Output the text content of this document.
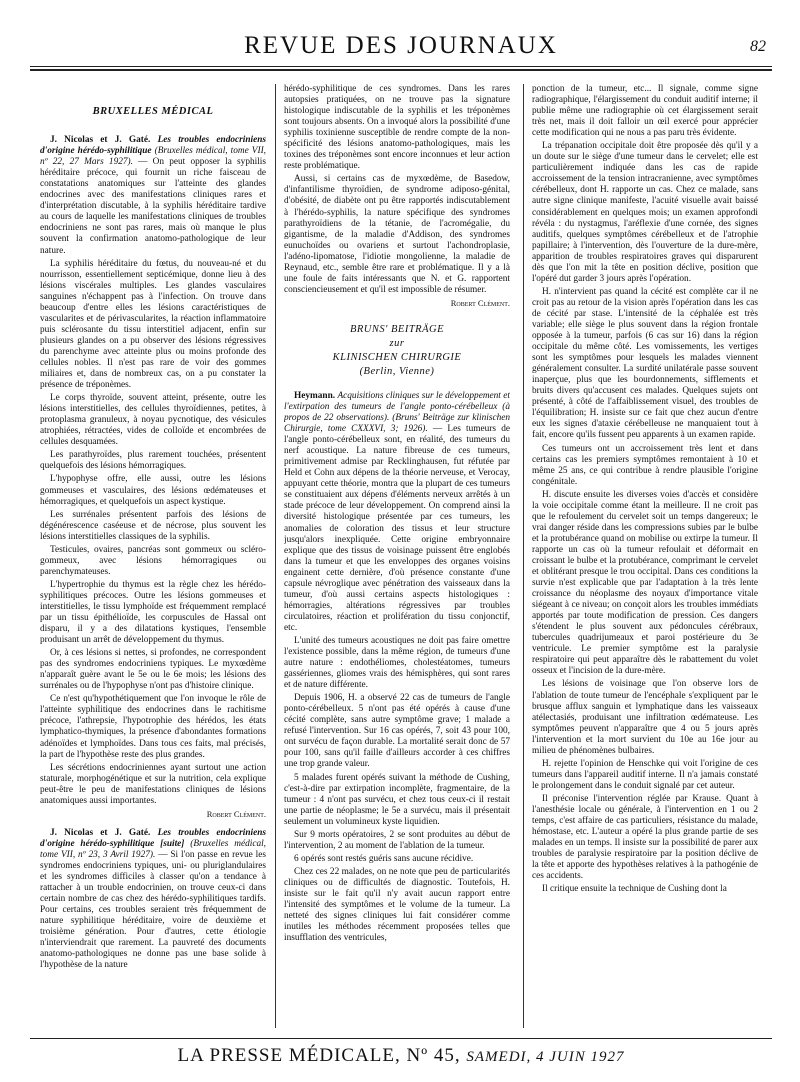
REVUE DES JOURNAUX	82
BRUXELLES MÉDICAL

J. Nicolas et J. Gaté. Les troubles endocriniens d'origine hérédo-syphilitique (Bruxelles médical, tome VII, nº 22, 27 Mars 1927). — On peut opposer la syphilis héréditaire précoce, qui fournit un riche faisceau de constatations anatomiques sur l'atteinte des glandes endocrines avec des manifestations cliniques rares et d'interprétation discutable, à la syphilis héréditaire tardive au cours de laquelle les manifestations cliniques de troubles endocriniens ne sont pas rares, mais où manque le plus souvent la confirmation anatomo-pathologique de leur nature.

La syphilis héréditaire du fœtus, du nouveau-né et du nourrisson, essentiellement septicémique, donne lieu à des lésions viscérales multiples. Les glandes vasculaires sanguines n'échappent pas à l'infection. On trouve dans beaucoup d'entre elles les lésions caractéristiques de vascularites et de périvascularites, la réaction inflammatoire puis sclérosante du tissu interstitiel adjacent, enfin sur plusieurs glandes on a pu observer des lésions régressives du parenchyme avec atteinte plus ou moins profonde des cellules nobles. Il n'est pas rare de voir des gommes miliaires et, dans de nombreux cas, on a pu constater la présence de tréponèmes.

Le corps thyroïde, souvent atteint, présente, outre les lésions interstitielles, des cellules thyroïdiennes, petites, à protoplasma granuleux, à noyau pycnotique, des vésicules atrophiées, rétractées, vides de colloïde et encombrées de cellules desquamées.

Les parathyroïdes, plus rarement touchées, présentent quelquefois des lésions hémorragiques.

L'hypophyse offre, elle aussi, outre les lésions gommeuses et vasculaires, des lésions œdémateuses et hémorragiques, et quelquefois un aspect kystique.

Les surrénales présentent parfois des lésions de dégénérescence caséeuse et de nécrose, plus souvent les lésions interstitielles classiques de la syphilis.

Testicules, ovaires, pancréas sont gommeux ou scléro-gommeux, avec lésions hémorragiques ou parenchymateuses.

L'hypertrophie du thymus est la règle chez les hérédo-syphilitiques précoces. Outre les lésions gommeuses et interstitielles, le tissu lymphoïde est fréquemment remplacé par un tissu épithélioïde, les corpuscules de Hassal ont disparu, il y a des dilatations kystiques, l'ensemble produisant un arrêt de développement du thymus.

Or, à ces lésions si nettes, si profondes, ne correspondent pas des syndromes endocriniens typiques. Le myxœdème n'apparaît guère avant le 5e ou le 6e mois; les lésions des surrénales ou de l'hypophyse n'ont pas d'histoire clinique.

Ce n'est qu'hypothétiquement que l'on invoque le rôle de l'atteinte syphilitique des endocrines dans le rachitisme précoce, l'athrepsie, l'hypotrophie des hérédos, les états lymphatico-thymiques, la présence d'abondantes formations adénoïdes et lymphoïdes. Dans tous ces faits, mal précisés, la part de l'hypothèse reste des plus grandes.

Les sécrétions endocriniennes ayant surtout une action staturale, morphogénétique et sur la nutrition, cela explique peut-être le peu de manifestations cliniques de lésions anatomiques aussi importantes.

Robert Clément.

J. Nicolas et J. Gaté. Les troubles endocriniens d'origine hérédo-syphilitique [suite] (Bruxelles médical, tome VII, nº 23, 3 Avril 1927). — Si l'on passe en revue les syndromes endocriniens typiques, uni- ou pluriglandulaires et les syndromes difficiles à classer qu'on a tendance à rattacher à un trouble endocrinien, on trouve ceux-ci dans certain nombre de cas chez des hérédo-syphilitiques tardifs. Pour certains, ces troubles seraient très fréquemment de nature syphilitique héréditaire, voire de deuxième et troisième génération. Pour d'autres, cette étiologie n'interviendrait que rarement. La pauvreté des documents anatomo-pathologiques ne donne pas une base solide à l'hypothèse de la nature

hérédo-syphilitique de ces syndromes. Dans les rares autopsies pratiquées, on ne trouve pas la signature histologique indiscutable de la syphilis et les tréponèmes sont toujours absents. On a invoqué alors la possibilité d'une syphilis toxinienne susceptible de rendre compte de la non-spécificité des lésions anatomo-pathologiques, mais les toxines des tréponèmes sont encore inconnues et leur action reste problématique.

Aussi, si certains cas de myxœdème, de Basedow, d'infantilisme thyroïdien, de syndrome adiposo-génital, d'obésité, de diabète ont pu être rapportés indiscutablement à l'hérédo-syphilis, la nature spécifique des syndromes parathyroïdiens de la tétanie, de l'acromégalie, du gigantisme, de la maladie d'Addison, des syndromes eunuchoïdes ou ovariens et surtout l'achondroplasie, l'adéno-lipomatose, l'idiotie mongolienne, la maladie de Reynaud, etc., semble être rare et problématique. Il y a là une foule de faits intéressants que N. et G. rapportent consciencieusement et qu'il est impossible de résumer.

Robert Clément.
BRUNS' BEITRÄGE
zur
KLINISCHEN CHIRURGIE
(Berlin, Vienne)

Heymann. Acquisitions cliniques sur le développement et l'extirpation des tumeurs de l'angle ponto-cérébelleux (à propos de 22 observations). (Bruns' Beiträge zur klinischen Chirurgie, tome CXXXVI, 3; 1926). — Les tumeurs de l'angle ponto-cérébelleux sont, en réalité, des tumeurs du nerf acoustique. La nature fibreuse de ces tumeurs, primitivement admise par Recklinghausen, fut réfutée par Held et Cohn aux dépens de la théorie nerveuse, et Verocay, appuyant cette théorie, montra que la plupart de ces tumeurs se constituaient aux dépens d'éléments nerveux arrêtés à un stade précoce de leur développement. On comprend ainsi la diversité histologique présentée par ces tumeurs, les anomalies de coloration des tissus et leur structure jusqu'alors inexpliquée. Cette origine embryonnaire explique que des tissus de voisinage puissent être englobés dans la tumeur et que les enveloppes des organes voisins engainent cette dernière, d'où présence constante d'une capsule névroglique avec pénétration des vaisseaux dans la tumeur, d'où aussi certains aspects histologiques : hémorragies, altérations régressives par troubles circulatoires, réaction et prolifération du tissu conjonctif, etc.

L'unité des tumeurs acoustiques ne doit pas faire omettre l'existence possible, dans la même région, de tumeurs d'une autre nature : endothéliomes, cholestéatomes, tumeurs gassériennes, gliomes vrais des hémisphères, qui sont rares et de nature différente.

Depuis 1906, H. a observé 22 cas de tumeurs de l'angle ponto-cérébelleux. 5 n'ont pas été opérés à cause d'une cécité complète, sans autre symptôme grave; 1 malade a refusé l'intervention. Sur 16 cas opérés, 7, soit 43 pour 100, ont survécu de façon durable. La mortalité serait donc de 57 pour 100, sans qu'il faille d'ailleurs accorder à ces chiffres une trop grande valeur.

5 malades furent opérés suivant la méthode de Cushing, c'est-à-dire par extirpation incomplète, fragmentaire, de la tumeur : 4 n'ont pas survécu, et chez tous ceux-ci il restait une partie de néoplasme; le 5e a survécu, mais il présentait seulement un volumineux kyste liquidien.

Sur 9 morts opératoires, 2 se sont produites au début de l'intervention, 2 au moment de l'ablation de la tumeur.

6 opérés sont restés guéris sans aucune récidive.

Chez ces 22 malades, on ne note que peu de particularités cliniques ou de difficultés de diagnostic. Toutefois, H. insiste sur le fait qu'il n'y avait aucun rapport entre l'intensité des symptômes et le volume de la tumeur. La netteté des signes cliniques lui fait considérer comme inutiles les méthodes récemment proposées telles que insufflation des ventricules,

ponction de la tumeur, etc... Il signale, comme signe radiographique, l'élargissement du conduit auditif interne; il publie même une radiographie où cet élargissement serait très net, mais il doit falloir un œil exercé pour apprécier cette modification qui ne nous a pas paru très évidente.

La trépanation occipitale doit être proposée dès qu'il y a un doute sur le siège d'une tumeur dans le cervelet; elle est particulièrement indiquée dans les cas de rapide accroissement de la tension intracranienne, avec symptômes cérébelleux, dont H. rapporte un cas. Chez ce malade, sans autre signe clinique manifeste, l'acuité visuelle avait baissé considérablement en quelques mois; un examen approfondi révéla : du nystagmus, l'aréflexie d'une cornée, des signes auditifs, quelques symptômes cérébelleux et de l'atrophie papillaire; à l'intervention, dès l'ouverture de la dure-mère, apparition de troubles respiratoires graves qui disparurent dès que l'on mit la tête en position déclive, position que l'opéré dut garder 3 jours après l'opération.

H. n'intervient pas quand la cécité est complète car il ne croit pas au retour de la vision après l'opération dans les cas de cécité par stase. L'intensité de la céphalée est très variable; elle siège le plus souvent dans la région frontale opposée à la tumeur, parfois (6 cas sur 16) dans la région occipitale du même côté. Les vomissements, les vertiges sont les symptômes pour lesquels les malades viennent généralement consulter. La surdité unilatérale passe souvent inaperçue, plus que les bourdonnements, sifflements et bruits divers qu'accusent ces malades. Quelques sujets ont présenté, à côté de l'affaiblissement visuel, des troubles de l'équilibration; H. insiste sur ce fait que chez aucun d'entre eux les signes d'ataxie cérébelleuse ne manquaient tout à fait, encore qu'ils fussent peu apparents à un examen rapide.

Ces tumeurs ont un accroissement très lent et dans certains cas les premiers symptômes remontaient à 10 et même 25 ans, ce qui contribue à rendre plausible l'origine congénitale.

H. discute ensuite les diverses voies d'accès et considère la voie occipitale comme étant la meilleure. Il ne croit pas que le refoulement du cervelet soit un temps dangereux; le vrai danger réside dans les compressions subies par le bulbe et la protubérance quand on mobilise ou extirpe la tumeur. Il rapporte un cas où la tumeur refoulait et déformait en croissant le bulbe et la protubérance, comprimant le cervelet et oblitérant presque le trou occipital. Dans ces conditions la survie n'est explicable que par l'adaptation à la très lente croissance du néoplasme des noyaux d'importance vitale siégeant à ce niveau; on conçoit alors les troubles immédiats apportés par toute modification de pression. Ces dangers s'étendent le plus souvent aux pédoncules cérébraux, tubercules quadrijumeaux et paroi postérieure du 3e ventricule. Le premier symptôme est la paralysie respiratoire qui peut apparaître dès le rabattement du volet osseux et l'incision de la dure-mère.

Les lésions de voisinage que l'on observe lors de l'ablation de toute tumeur de l'encéphale s'expliquent par le brusque afflux sanguin et lymphatique dans les vaisseaux atélectasiés, produisant une infiltration œdémateuse. Les symptômes peuvent n'apparaître que 4 ou 5 jours après l'intervention et la mort survient du 10e au 16e jour au milieu de phénomènes bulbaires.

H. rejette l'opinion de Henschke qui voit l'origine de ces tumeurs dans l'appareil auditif interne. Il n'a jamais constaté le prolongement dans le conduit signalé par cet auteur.

Il préconise l'intervention réglée par Krause. Quant à l'anesthésie locale ou générale, à l'intervention en 1 ou 2 temps, c'est affaire de cas particuliers, résistance du malade, hémostase, etc. L'auteur a opéré la plus grande partie de ses malades en un temps. Il insiste sur la possibilité de parer aux troubles de paralysie respiratoire par la position déclive de la tête et apporte des hypothèses relatives à la pathogénie de ces accidents.

Il critique ensuite la technique de Cushing dont la

LA PRESSE MÉDICALE, Nº 45, SAMEDI, 4 JUIN 1927
